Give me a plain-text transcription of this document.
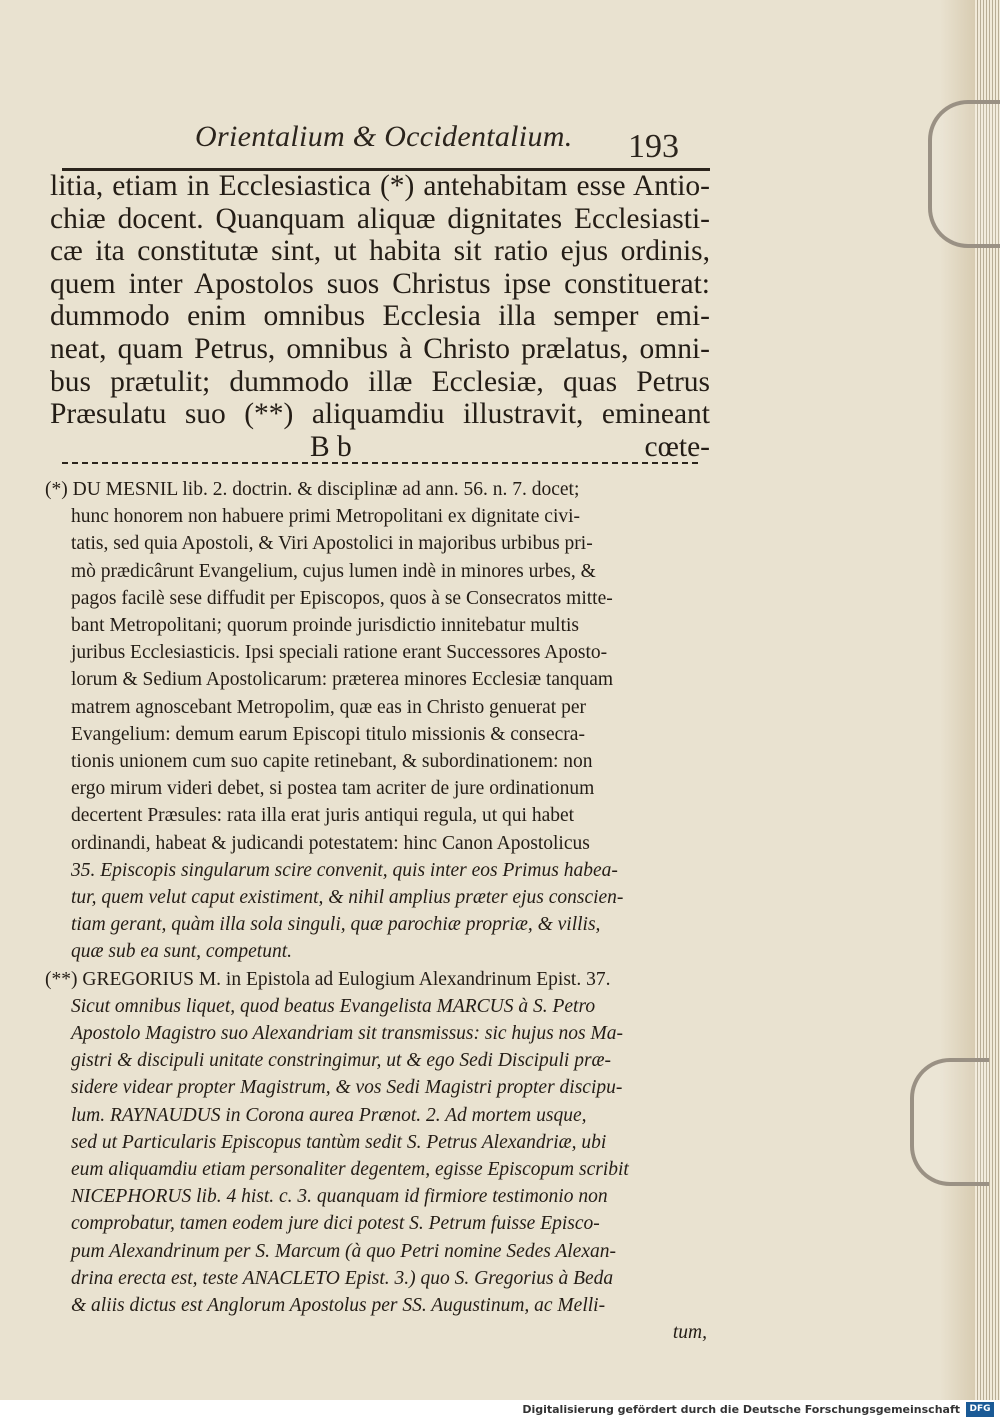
Orientalium & Occidentalium. 193
litia, etiam in Ecclesiastica (*) antehabitam esse Antio-
chiæ docent. Quanquam aliquæ dignitates Ecclesiasti-
cæ ita constitutæ sint, ut habita sit ratio ejus ordinis,
quem inter Apostolos suos Christus ipse constituerat:
dummodo enim omnibus Ecclesia illa semper emi-
neat, quam Petrus, omnibus à Christo prælatus, omni-
bus prætulit; dummodo illæ Ecclesiæ, quas Petrus
Præsulatu suo (**) aliquamdiu illustravit, emineant
B b	cœte-
(*) DU MESNIL lib. 2. doctrin. & disciplinæ ad ann. 56. n. 7. docet;
hunc honorem non habuere primi Metropolitani ex dignitate civi-
tatis, sed quia Apostoli, & Viri Apostolici in majoribus urbibus pri-
mò prædicârunt Evangelium, cujus lumen indè in minores urbes, &
pagos facilè sese diffudit per Episcopos, quos à se Consecratos mitte-
bant Metropolitani; quorum proinde jurisdictio innitebatur multis
juribus Ecclesiasticis. Ipsi speciali ratione erant Successores Aposto-
lorum & Sedium Apostolicarum: præterea minores Ecclesiæ tanquam
matrem agnoscebant Metropolim, quæ eas in Christo genuerat per
Evangelium: demum earum Episcopi titulo missionis & consecra-
tionis unionem cum suo capite retinebant, & subordinationem: non
ergo mirum videri debet, si postea tam acriter de jure ordinationum
decertent Præsules: rata illa erat juris antiqui regula, ut qui habet
ordinandi, habeat & judicandi potestatem: hinc Canon Apostolicus
35. Episcopis singularum scire convenit, quis inter eos Primus habea-
tur, quem velut caput existiment, & nihil amplius præter ejus conscien-
tiam gerant, quàm illa sola singuli, quæ parochiæ propriæ, & villis,
quæ sub ea sunt, competunt.
(**) GREGORIUS M. in Epistola ad Eulogium Alexandrinum Epist. 37.
Sicut omnibus liquet, quod beatus Evangelista MARCUS à S. Petro
Apostolo Magistro suo Alexandriam sit transmissus: sic hujus nos Ma-
gistri & discipuli unitate constringimur, ut & ego Sedi Discipuli præ-
sidere videar propter Magistrum, & vos Sedi Magistri propter discipu-
lum. RAYNAUDUS in Corona aurea Prænot. 2. Ad mortem usque,
sed ut Particularis Episcopus tantùm sedit S. Petrus Alexandriæ, ubi
eum aliquamdiu etiam personaliter degentem, egisse Episcopum scribit
NICEPHORUS lib. 4 hist. c. 3. quanquam id firmiore testimonio non
comprobatur, tamen eodem jure dici potest S. Petrum fuisse Episco-
pum Alexandrinum per S. Marcum (à quo Petri nomine Sedes Alexan-
drina erecta est, teste ANACLETO Epist. 3.) quo S. Gregorius à Beda
& aliis dictus est Anglorum Apostolus per SS. Augustinum, ac Melli-
tum,
Digitalisierung gefördert durch die Deutsche Forschungsgemeinschaft	DFG
